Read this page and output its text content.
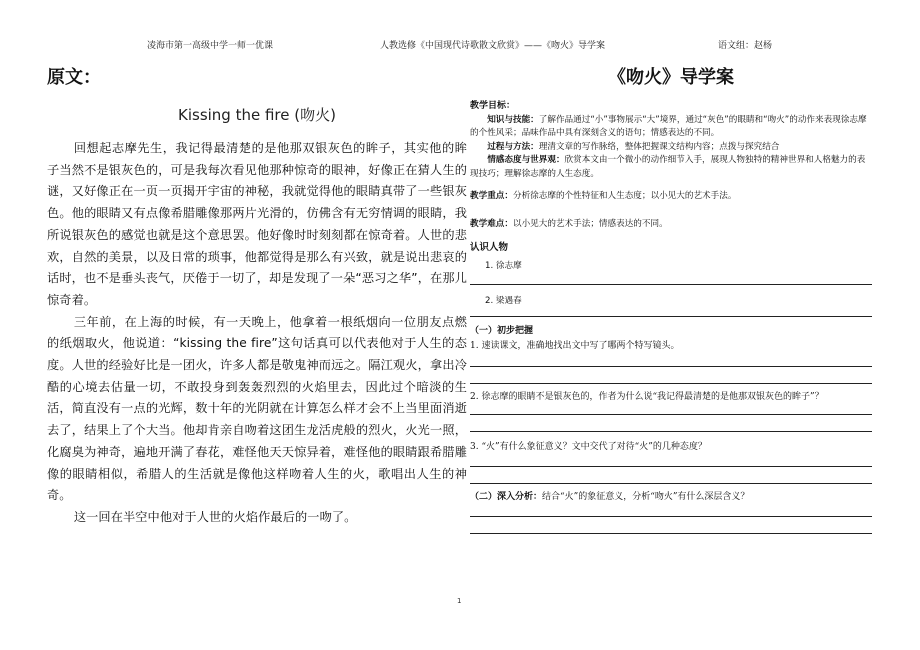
凌海市第一高级中学一师一优课	人教选修《中国现代诗歌散文欣赏》——《吻火》导学案	语文组：赵杨
原文：
Kissing the fire (吻火)

回想起志摩先生，我记得最清楚的是他那双银灰色的眸子，其实他的眸子当然不是银灰色的，可是我每次看见他那种惊奇的眼神，好像正在猜人生的谜，又好像正在一页一页揭开宇宙的神秘，我就觉得他的眼睛真带了一些银灰色。他的眼睛又有点像希腊雕像那两片光滑的，仿佛含有无穷情调的眼睛，我所说银灰色的感觉也就是这个意思罢。他好像时时刻刻都在惊奇着。人世的悲欢，自然的美景，以及日常的琐事，他都觉得是那么有兴致，就是说出悲哀的话时，也不是垂头丧气，厌倦于一切了，却是发现了一朵“恶习之华”，在那儿惊奇着。

三年前，在上海的时候，有一天晚上，他拿着一根纸烟向一位朋友点燃的纸烟取火，他说道：“kissing the fire”这句话真可以代表他对于人生的态度。人世的经验好比是一团火，许多人都是敬鬼神而远之。隔江观火，拿出冷酷的心境去估量一切，不敢投身到轰轰烈烈的火焰里去，因此过个暗淡的生活，简直没有一点的光辉，数十年的光阴就在计算怎么样才会不上当里面消逝去了，结果上了个大当。他却肯亲自吻着这团生龙活虎般的烈火，火光一照，化腐臭为神奇，遍地开满了春花，难怪他天天惊异着，难怪他的眼睛跟希腊雕像的眼睛相似，希腊人的生活就是像他这样吻着人生的火，歌唱出人生的神奇。

这一回在半空中他对于人世的火焰作最后的一吻了。

《吻火》导学案
教学目标：

知识与技能：了解作品通过“小”事物展示“大”境界，通过“灰色”的眼睛和“吻火”的动作来表现徐志摩的个性风采；品味作品中具有深刻含义的语句；情感表达的不同。

过程与方法：理清文章的写作脉络，整体把握课文结构内容；点拨与探究结合

情感态度与世界观：欣赏本文由一个微小的动作细节入手，展现人物独特的精神世界和人格魅力的表现技巧；理解徐志摩的人生态度。

教学重点：分析徐志摩的个性特征和人生态度；以小见大的艺术手法。
教学难点：以小见大的艺术手法；情感表达的不同。
认识人物
1. 徐志摩
2. 梁遇春
（一）初步把握

1. 速读课文，准确地找出文中写了哪两个特写镜头。

2. 徐志摩的眼睛不是银灰色的，作者为什么说“我记得最清楚的是他那双银灰色的眸子”？

3. “火”有什么象征意义？文中交代了对待“火”的几种态度？

（二）深入分析：结合“火”的象征意义，分析“吻火”有什么深层含义？

1
